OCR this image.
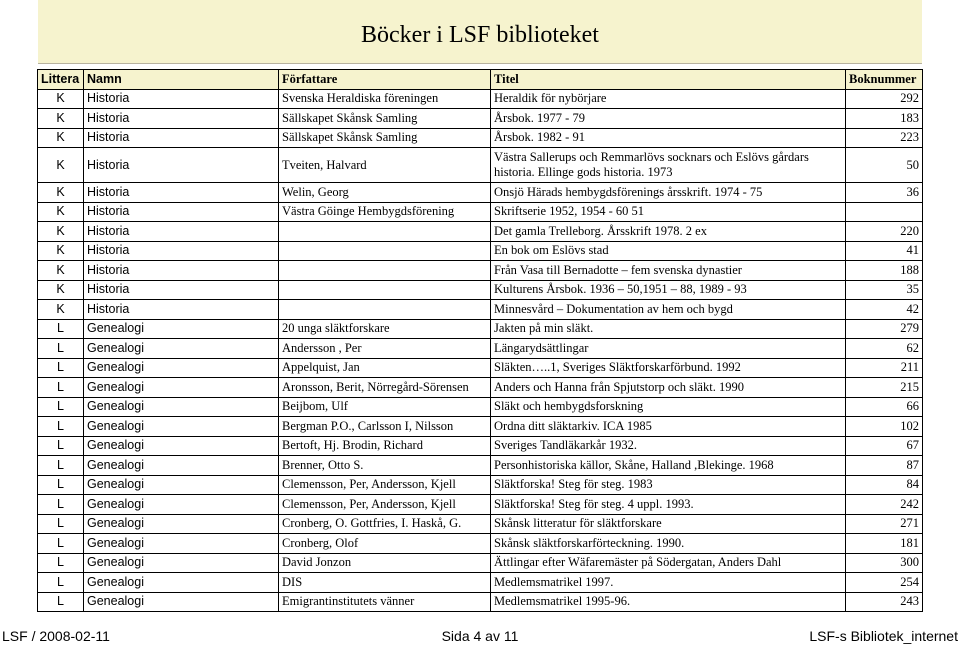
Böcker i LSF biblioteket
Littera	Namn	Författare	Titel	Boknummer
K	Historia	Svenska Heraldiska föreningen	Heraldik för nybörjare	292
K	Historia	Sällskapet Skånsk Samling	Årsbok. 1977 - 79	183
K	Historia	Sällskapet Skånsk Samling	Årsbok. 1982 - 91	223
K	Historia	Tveiten, Halvard	Västra Sallerups och Remmarlövs socknars och Eslövs gårdars historia. Ellinge gods historia. 1973	50
K	Historia	Welin, Georg	Onsjö Härads hembygdsförenings årsskrift. 1974 - 75	36
K	Historia	Västra Göinge Hembygdsförening	Skriftserie 1952, 1954 - 60 51	
K	Historia		Det gamla Trelleborg. Årsskrift 1978. 2 ex	220
K	Historia		En bok om Eslövs stad	41
K	Historia		Från Vasa till Bernadotte – fem svenska dynastier	188
K	Historia		Kulturens Årsbok. 1936 – 50,1951 – 88, 1989 - 93	35
K	Historia		Minnesvård – Dokumentation av hem och bygd	42
L	Genealogi	20 unga släktforskare	Jakten på min släkt.	279
L	Genealogi	Andersson , Per	Längarydsättlingar	62
L	Genealogi	Appelquist, Jan	Släkten…..1, Sveriges Släktforskarförbund. 1992	211
L	Genealogi	Aronsson, Berit, Nörregård-Sörensen	Anders och Hanna från Spjutstorp och släkt. 1990	215
L	Genealogi	Beijbom, Ulf	Släkt och hembygdsforskning	66
L	Genealogi	Bergman P.O., Carlsson I, Nilsson	Ordna ditt släktarkiv. ICA 1985	102
L	Genealogi	Bertoft, Hj. Brodin, Richard	Sveriges Tandläkarkår 1932.	67
L	Genealogi	Brenner, Otto S.	Personhistoriska källor, Skåne, Halland ,Blekinge. 1968	87
L	Genealogi	Clemensson, Per, Andersson, Kjell	Släktforska! Steg för steg. 1983	84
L	Genealogi	Clemensson, Per, Andersson, Kjell	Släktforska! Steg för steg. 4 uppl. 1993.	242
L	Genealogi	Cronberg, O. Gottfries, I. Haskå, G.	Skånsk litteratur för släktforskare	271
L	Genealogi	Cronberg, Olof	Skånsk släktforskarförteckning. 1990.	181
L	Genealogi	David Jonzon	Ättlingar efter Wäfaremäster på Södergatan, Anders Dahl	300
L	Genealogi	DIS	Medlemsmatrikel 1997.	254
L	Genealogi	Emigrantinstitutets vänner	Medlemsmatrikel 1995-96.	243
LSF / 2008-02-11	Sida 4 av 11	LSF-s Bibliotek_internet
